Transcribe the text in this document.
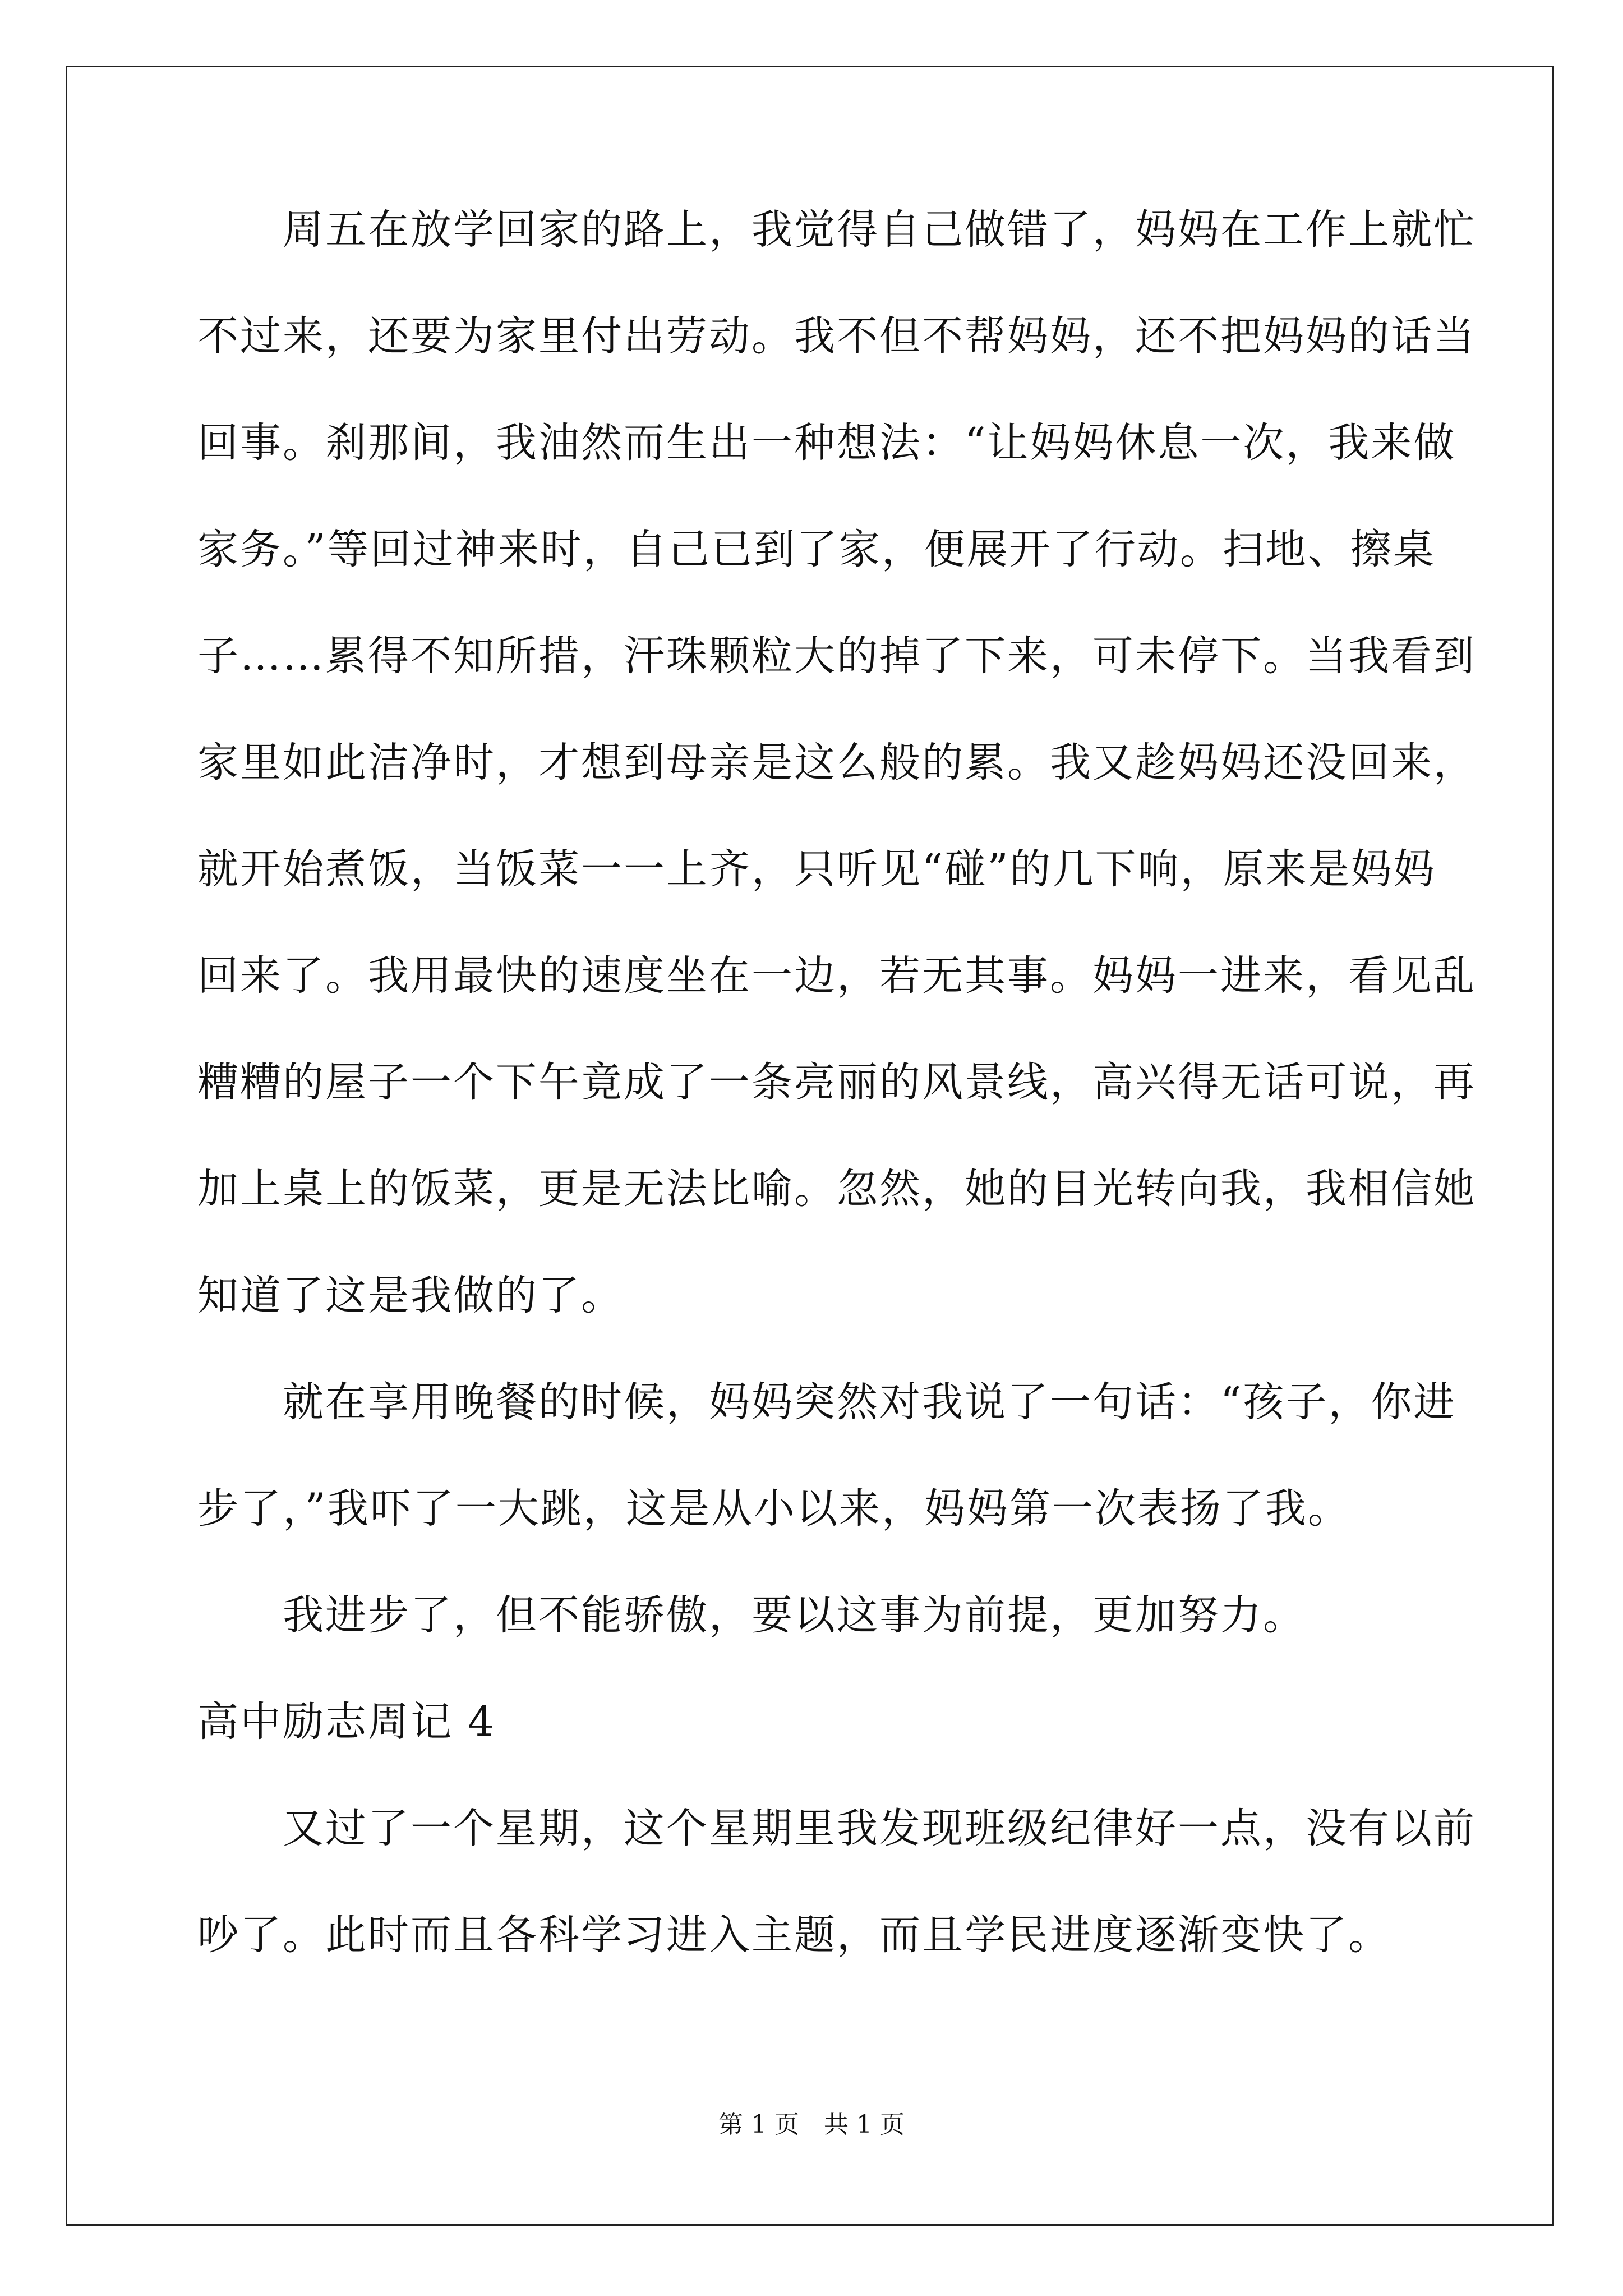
　　周五在放学回家的路上，我觉得自己做错了，妈妈在工作上就忙
不过来，还要为家里付出劳动。我不但不帮妈妈，还不把妈妈的话当
回事。刹那间，我油然而生出一种想法：“让妈妈休息一次，我来做
家务。”等回过神来时，自己已到了家，便展开了行动。扫地、擦桌
子……累得不知所措，汗珠颗粒大的掉了下来，可未停下。当我看到
家里如此洁净时，才想到母亲是这么般的累。我又趁妈妈还没回来，
就开始煮饭，当饭菜一一上齐，只听见“碰”的几下响，原来是妈妈
回来了。我用最快的速度坐在一边，若无其事。妈妈一进来，看见乱
糟糟的屋子一个下午竟成了一条亮丽的风景线，高兴得无话可说，再
加上桌上的饭菜，更是无法比喻。忽然，她的目光转向我，我相信她
知道了这是我做的了。
　　就在享用晚餐的时候，妈妈突然对我说了一句话：“孩子，你进
步了，”我吓了一大跳，这是从小以来，妈妈第一次表扬了我。
　　我进步了，但不能骄傲，要以这事为前提，更加努力。
高中励志周记 4
　　又过了一个星期，这个星期里我发现班级纪律好一点，没有以前
吵了。此时而且各科学习进入主题，而且学民进度逐渐变快了。
第 1 页　共 1 页
